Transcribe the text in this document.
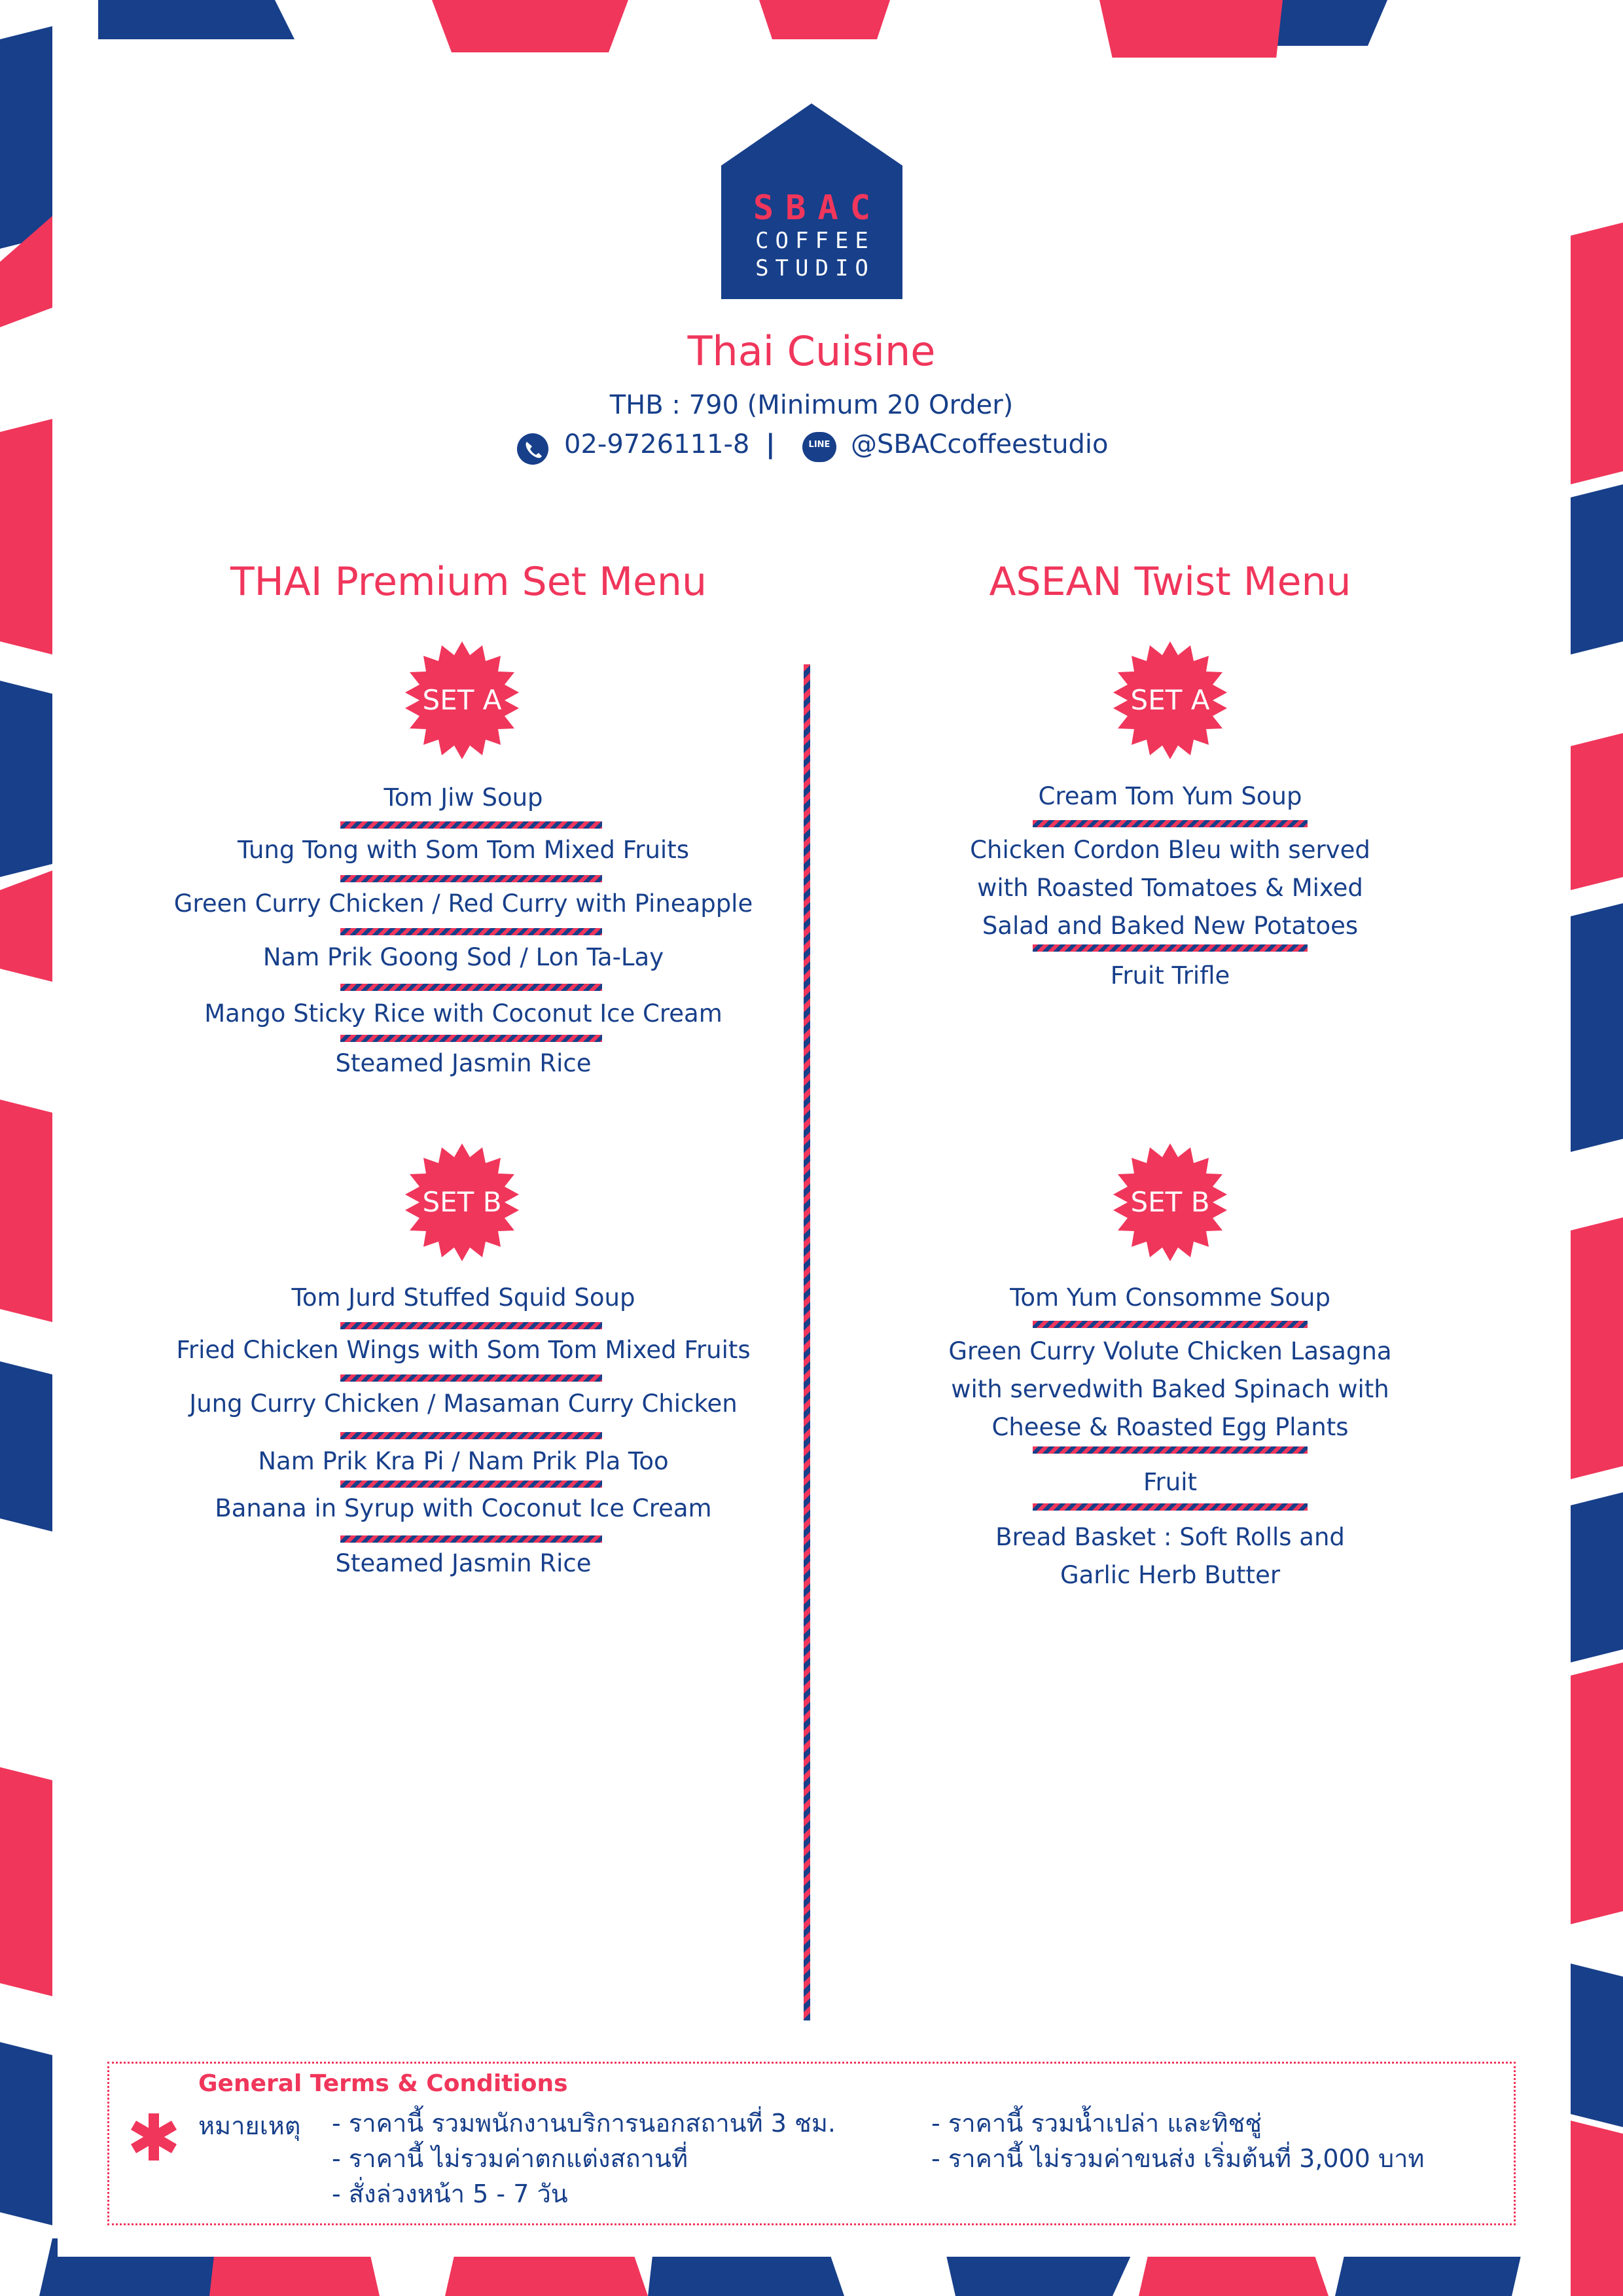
SBAC
COFFEE
STUDIO
Thai Cuisine
THB : 790 (Minimum 20 Order)
02-9726111-8 |	LINE @SBACcoffeestudio
THAI Premium Set Menu	ASEAN Twist Menu
SET A	SET A
SET B	SET B
Tom Jiw Soup
Tung Tong with Som Tom Mixed Fruits
Green Curry Chicken / Red Curry with Pineapple
Nam Prik Goong Sod / Lon Ta-Lay
Mango Sticky Rice with Coconut Ice Cream
Steamed Jasmin Rice
Tom Jurd Stuffed Squid Soup
Fried Chicken Wings with Som Tom Mixed Fruits
Jung Curry Chicken / Masaman Curry Chicken
Nam Prik Kra Pi / Nam Prik Pla Too
Banana in Syrup with Coconut Ice Cream
Steamed Jasmin Rice
Cream Tom Yum Soup
Chicken Cordon Bleu with served
with Roasted Tomatoes & Mixed
Salad and Baked New Potatoes
Fruit Trifle
Tom Yum Consomme Soup
Green Curry Volute Chicken Lasagna
with servedwith Baked Spinach with
Cheese & Roasted Egg Plants
Fruit
Bread Basket : Soft Rolls and
Garlic Herb Butter
General Terms & Conditions
หมายเหตุ - ราคานี้ รวมพนักงานบริการนอกสถานที่ 3 ชม.
- ราคานี้ ไม่รวมค่าตกแต่งสถานที่
- สั่งล่วงหน้า 5 - 7 วัน
- ราคานี้ รวมน้ำเปล่า และทิชชู่
- ราคานี้ ไม่รวมค่าขนส่ง เริ่มต้นที่ 3,000 บาท
